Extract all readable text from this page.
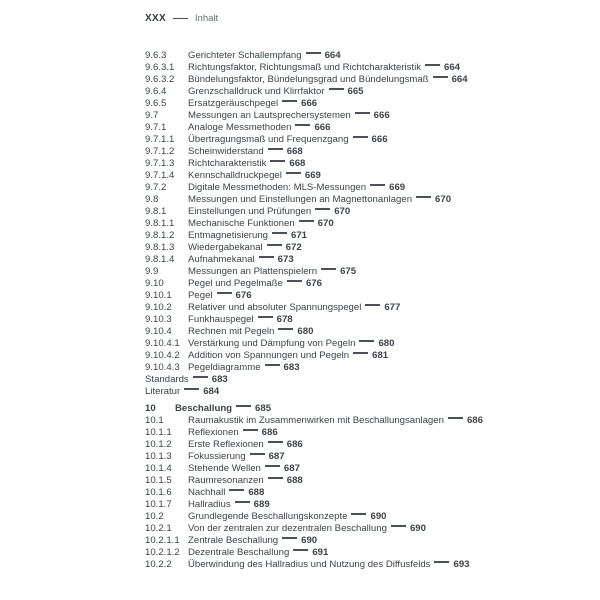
XXX	Inhalt
9.6.3	Gerichteter Schallempfang 664
9.6.3.1	Richtungsfaktor, Richtungsmaß und Richtcharakteristik 664
9.6.3.2	Bündelungsfaktor, Bündelungsgrad und Bündelungsmaß 664
9.6.4	Grenzschalldruck und Klirrfaktor 665
9.6.5	Ersatzgeräuschpegel 666
9.7	Messungen an Lautsprechersystemen 666
9.7.1	Analoge Messmethoden 666
9.7.1.1	Übertragungsmaß und Frequenzgang 666
9.7.1.2	Scheinwiderstand 668
9.7.1.3	Richtcharakteristik 668
9.7.1.4	Kennschalldruckpegel 669
9.7.2	Digitale Messmethoden: MLS-Messungen 669
9.8	Messungen und Einstellungen an Magnettonanlagen 670
9.8.1	Einstellungen und Prüfungen 670
9.8.1.1	Mechanische Funktionen 670
9.8.1.2	Entmagnetisierung 671
9.8.1.3	Wiedergabekanal 672
9.8.1.4	Aufnahmekanal 673
9.9	Messungen an Plattenspielern 675
9.10	Pegel und Pegelmaße 676
9.10.1	Pegel 676
9.10.2	Relativer und absoluter Spannungspegel 677
9.10.3	Funkhauspegel 678
9.10.4	Rechnen mit Pegeln 680
9.10.4.1 Verstärkung und Dämpfung von Pegeln 680
9.10.4.2 Addition von Spannungen und Pegeln 681
9.10.4.3 Pegeldiagramme 683
Standards 683
Literatur 684
10	Beschallung 685
10.1	Raumakustik im Zusammenwirken mit Beschallungsanlagen 686
10.1.1	Reflexionen 686
10.1.2	Erste Reflexionen 686
10.1.3	Fokussierung 687
10.1.4	Stehende Wellen 687
10.1.5	Raumresonanzen 688
10.1.6	Nachhall 688
10.1.7	Hallradius 689
10.2	Grundlegende Beschallungskonzepte 690
10.2.1	Von der zentralen zur dezentralen Beschallung 690
10.2.1.1 Zentrale Beschallung 690
10.2.1.2 Dezentrale Beschallung 691
10.2.2	Überwindung des Hallradius und Nutzung des Diffusfelds 693
